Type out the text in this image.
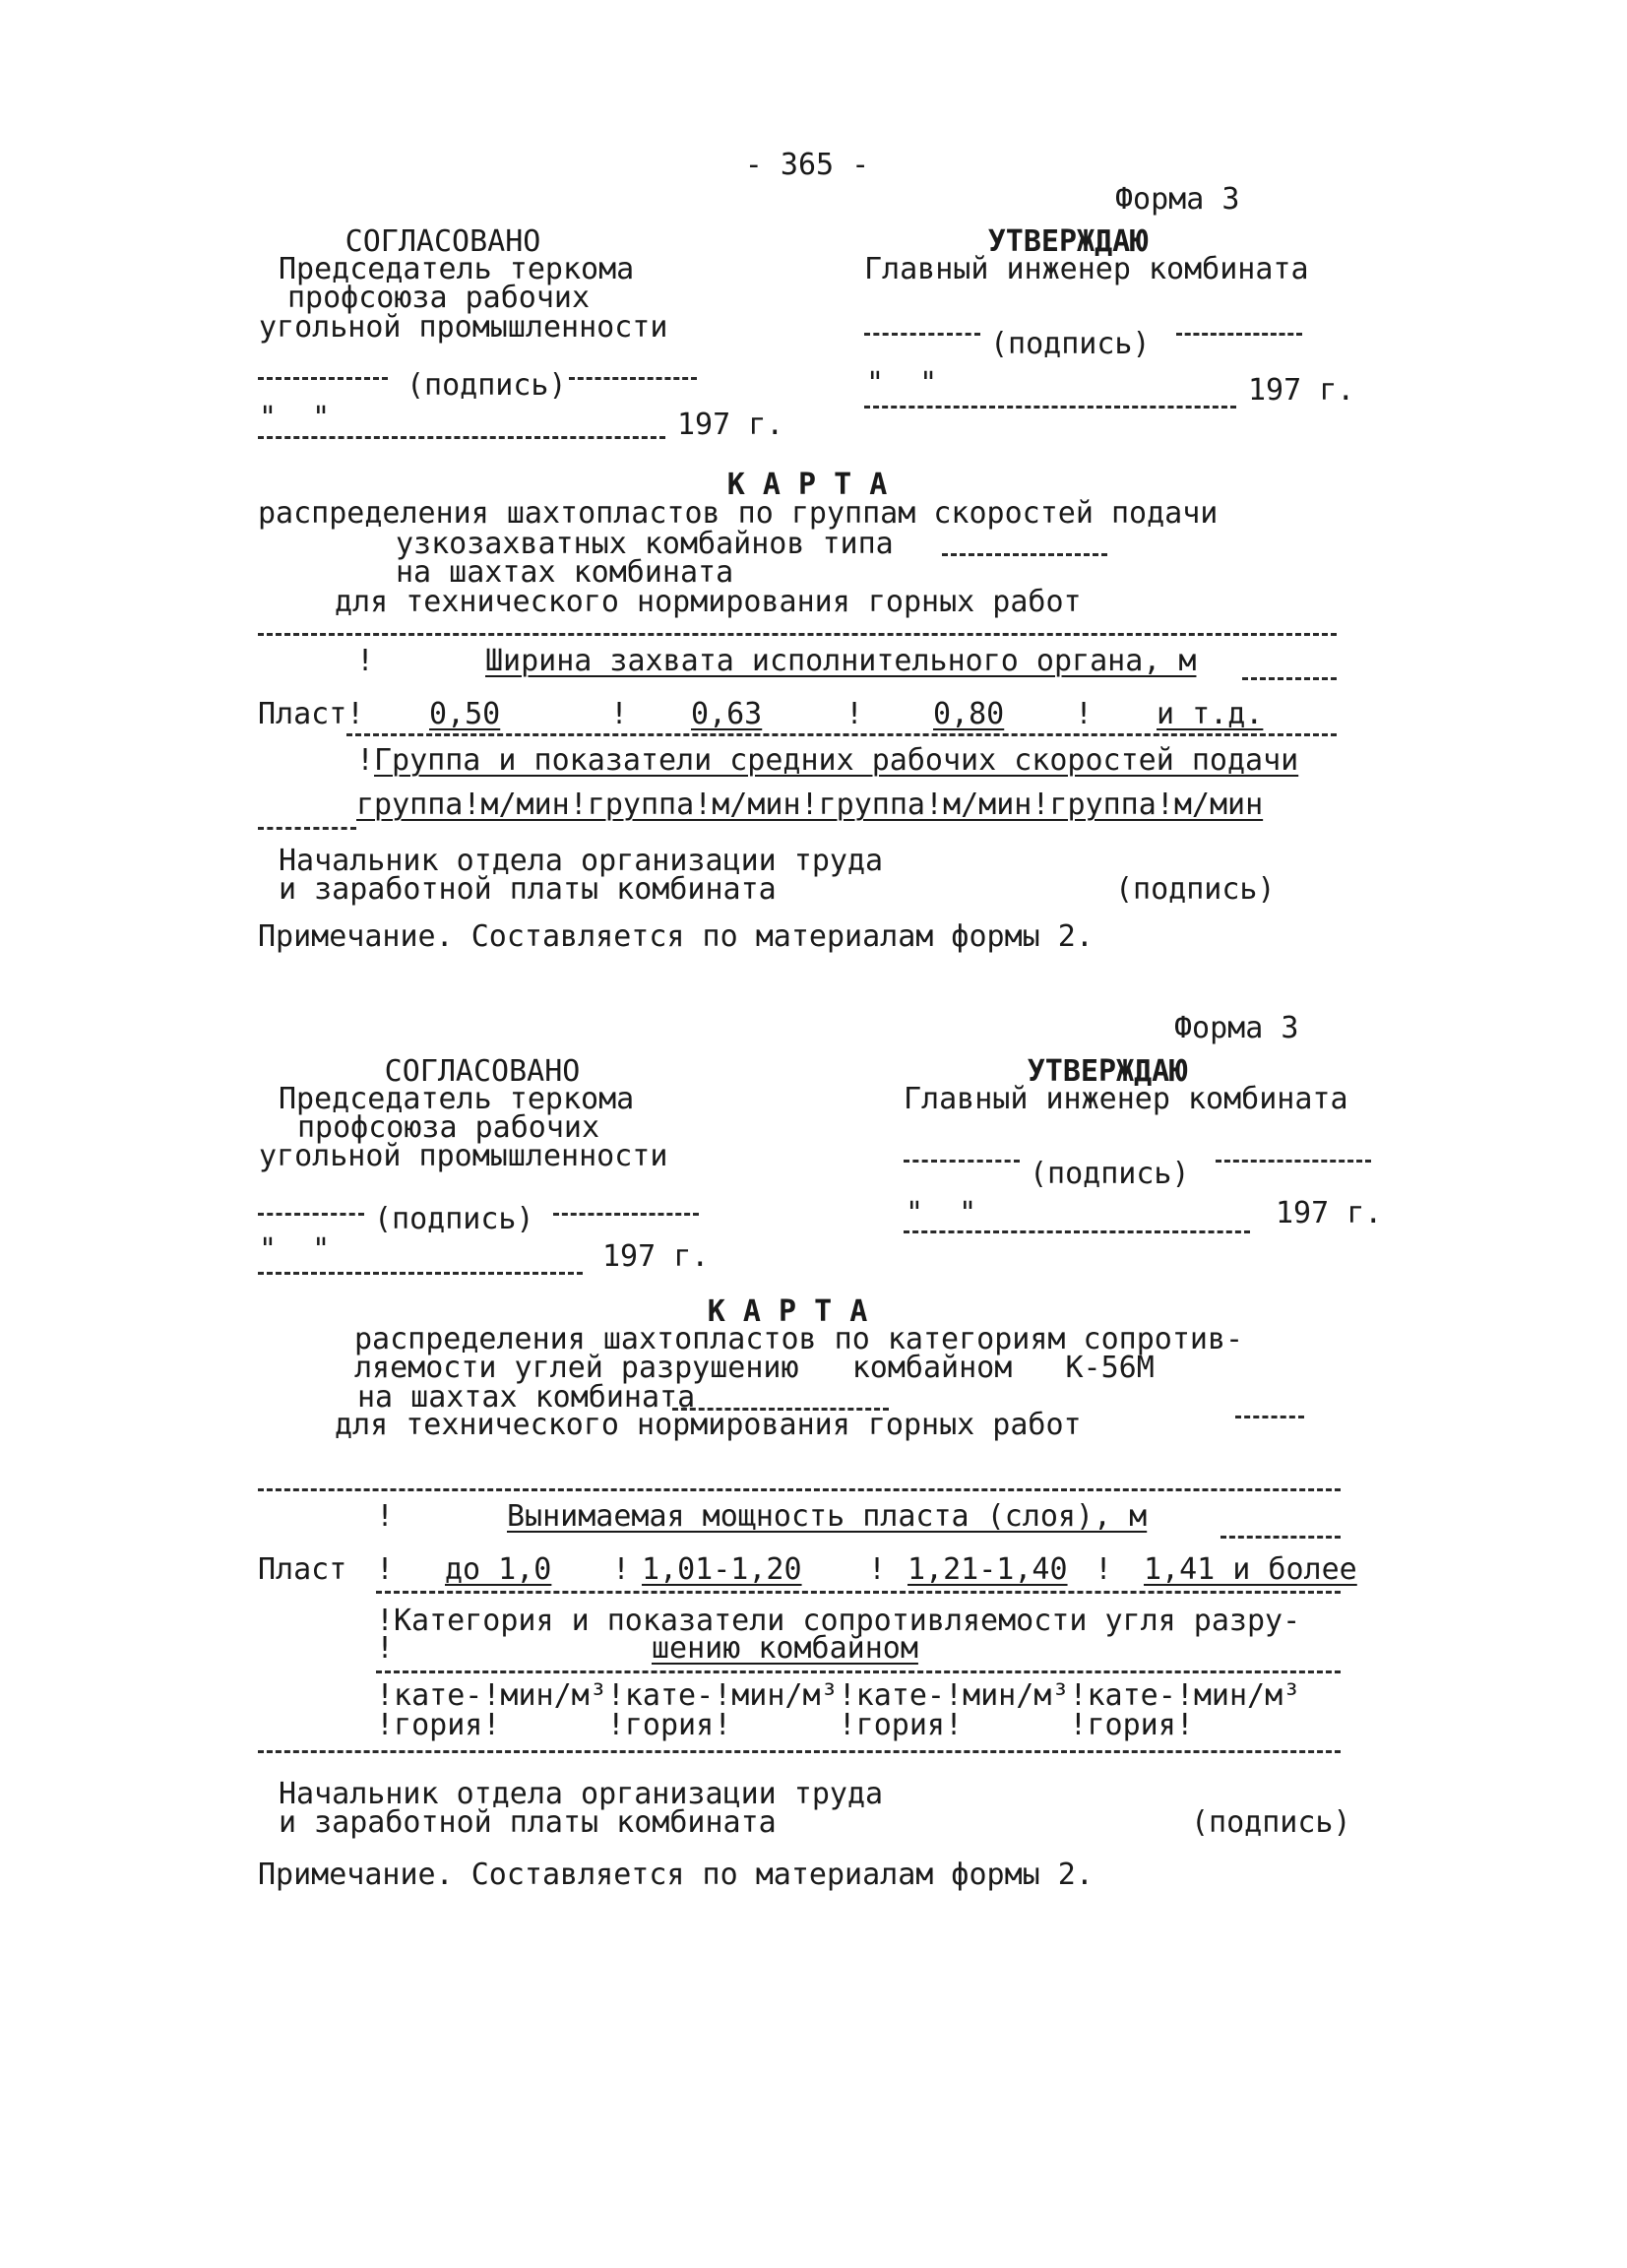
- 365 -
Форма 3
СОГЛАСОВАНО
Председатель теркома
профсоюза рабочих
угольной промышленности
(подпись)
"  "	197 г.
УТВЕРЖДАЮ
Главный инженер комбината
(подпись)
"  "	197 г.
К А Р Т А
распределения шахтопластов по группам скоростей подачи
узкозахватных комбайнов типа
на шахтах комбината
для технического нормирования горных работ
!	Ширина захвата исполнительного органа, м
Пласт ! 0,50	! 0,63	! 0,80 ! и т.д.
! Группа и показатели средних рабочих скоростей подачи
группа!м/мин!группа!м/мин!группа!м/мин!группа!м/мин
Начальник отдела организации труда
и заработной платы комбината	(подпись)
Примечание. Составляется по материалам формы 2.
Форма 3
СОГЛАСОВАНО
Председатель теркома
профсоюза рабочих
угольной промышленности
(подпись)
"  "	197 г.
УТВЕРЖДАЮ
Главный инженер комбината
(подпись)
"  "	197 г.
К А Р Т А
распределения шахтопластов по категориям сопротив-
ляемости углей разрушению   комбайном   К-56М
на шахтах комбината
для технического нормирования горных работ
!	Вынимаемая мощность пласта (слоя), м
Пласт ! до 1,0 ! 1,01-1,20 ! 1,21-1,40 ! 1,41 и более
! Категория и показатели сопротивляемости угля разру-
!	шению комбайном
!кате-!мин/м³!кате-!мин/м³!кате-!мин/м³!кате-!мин/м³
!гория!      !гория!      !гория!      !гория!
Начальник отдела организации труда
и заработной платы комбината	(подпись)
Примечание. Составляется по материалам формы 2.
